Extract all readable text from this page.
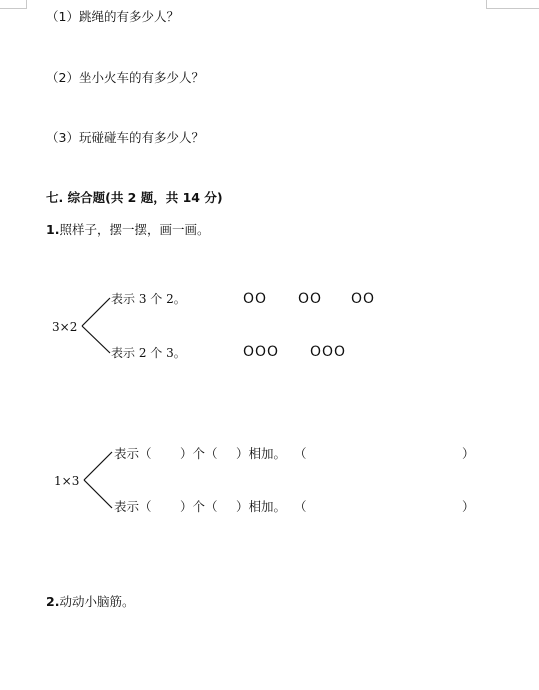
（1）跳绳的有多少人？
（2）坐小火车的有多少人？
（3）玩碰碰车的有多少人？
七. 综合题(共 2 题，共 14 分)
1.照样子，摆一摆，画一画。
3×2
表示 3 个 2。
表示 2 个 3。
OO OO OO
OOO OOO
1×3
表示（ ）个（ ）相加。 （	）
表示（ ）个（ ）相加。 （	）
2.动动小脑筋。
